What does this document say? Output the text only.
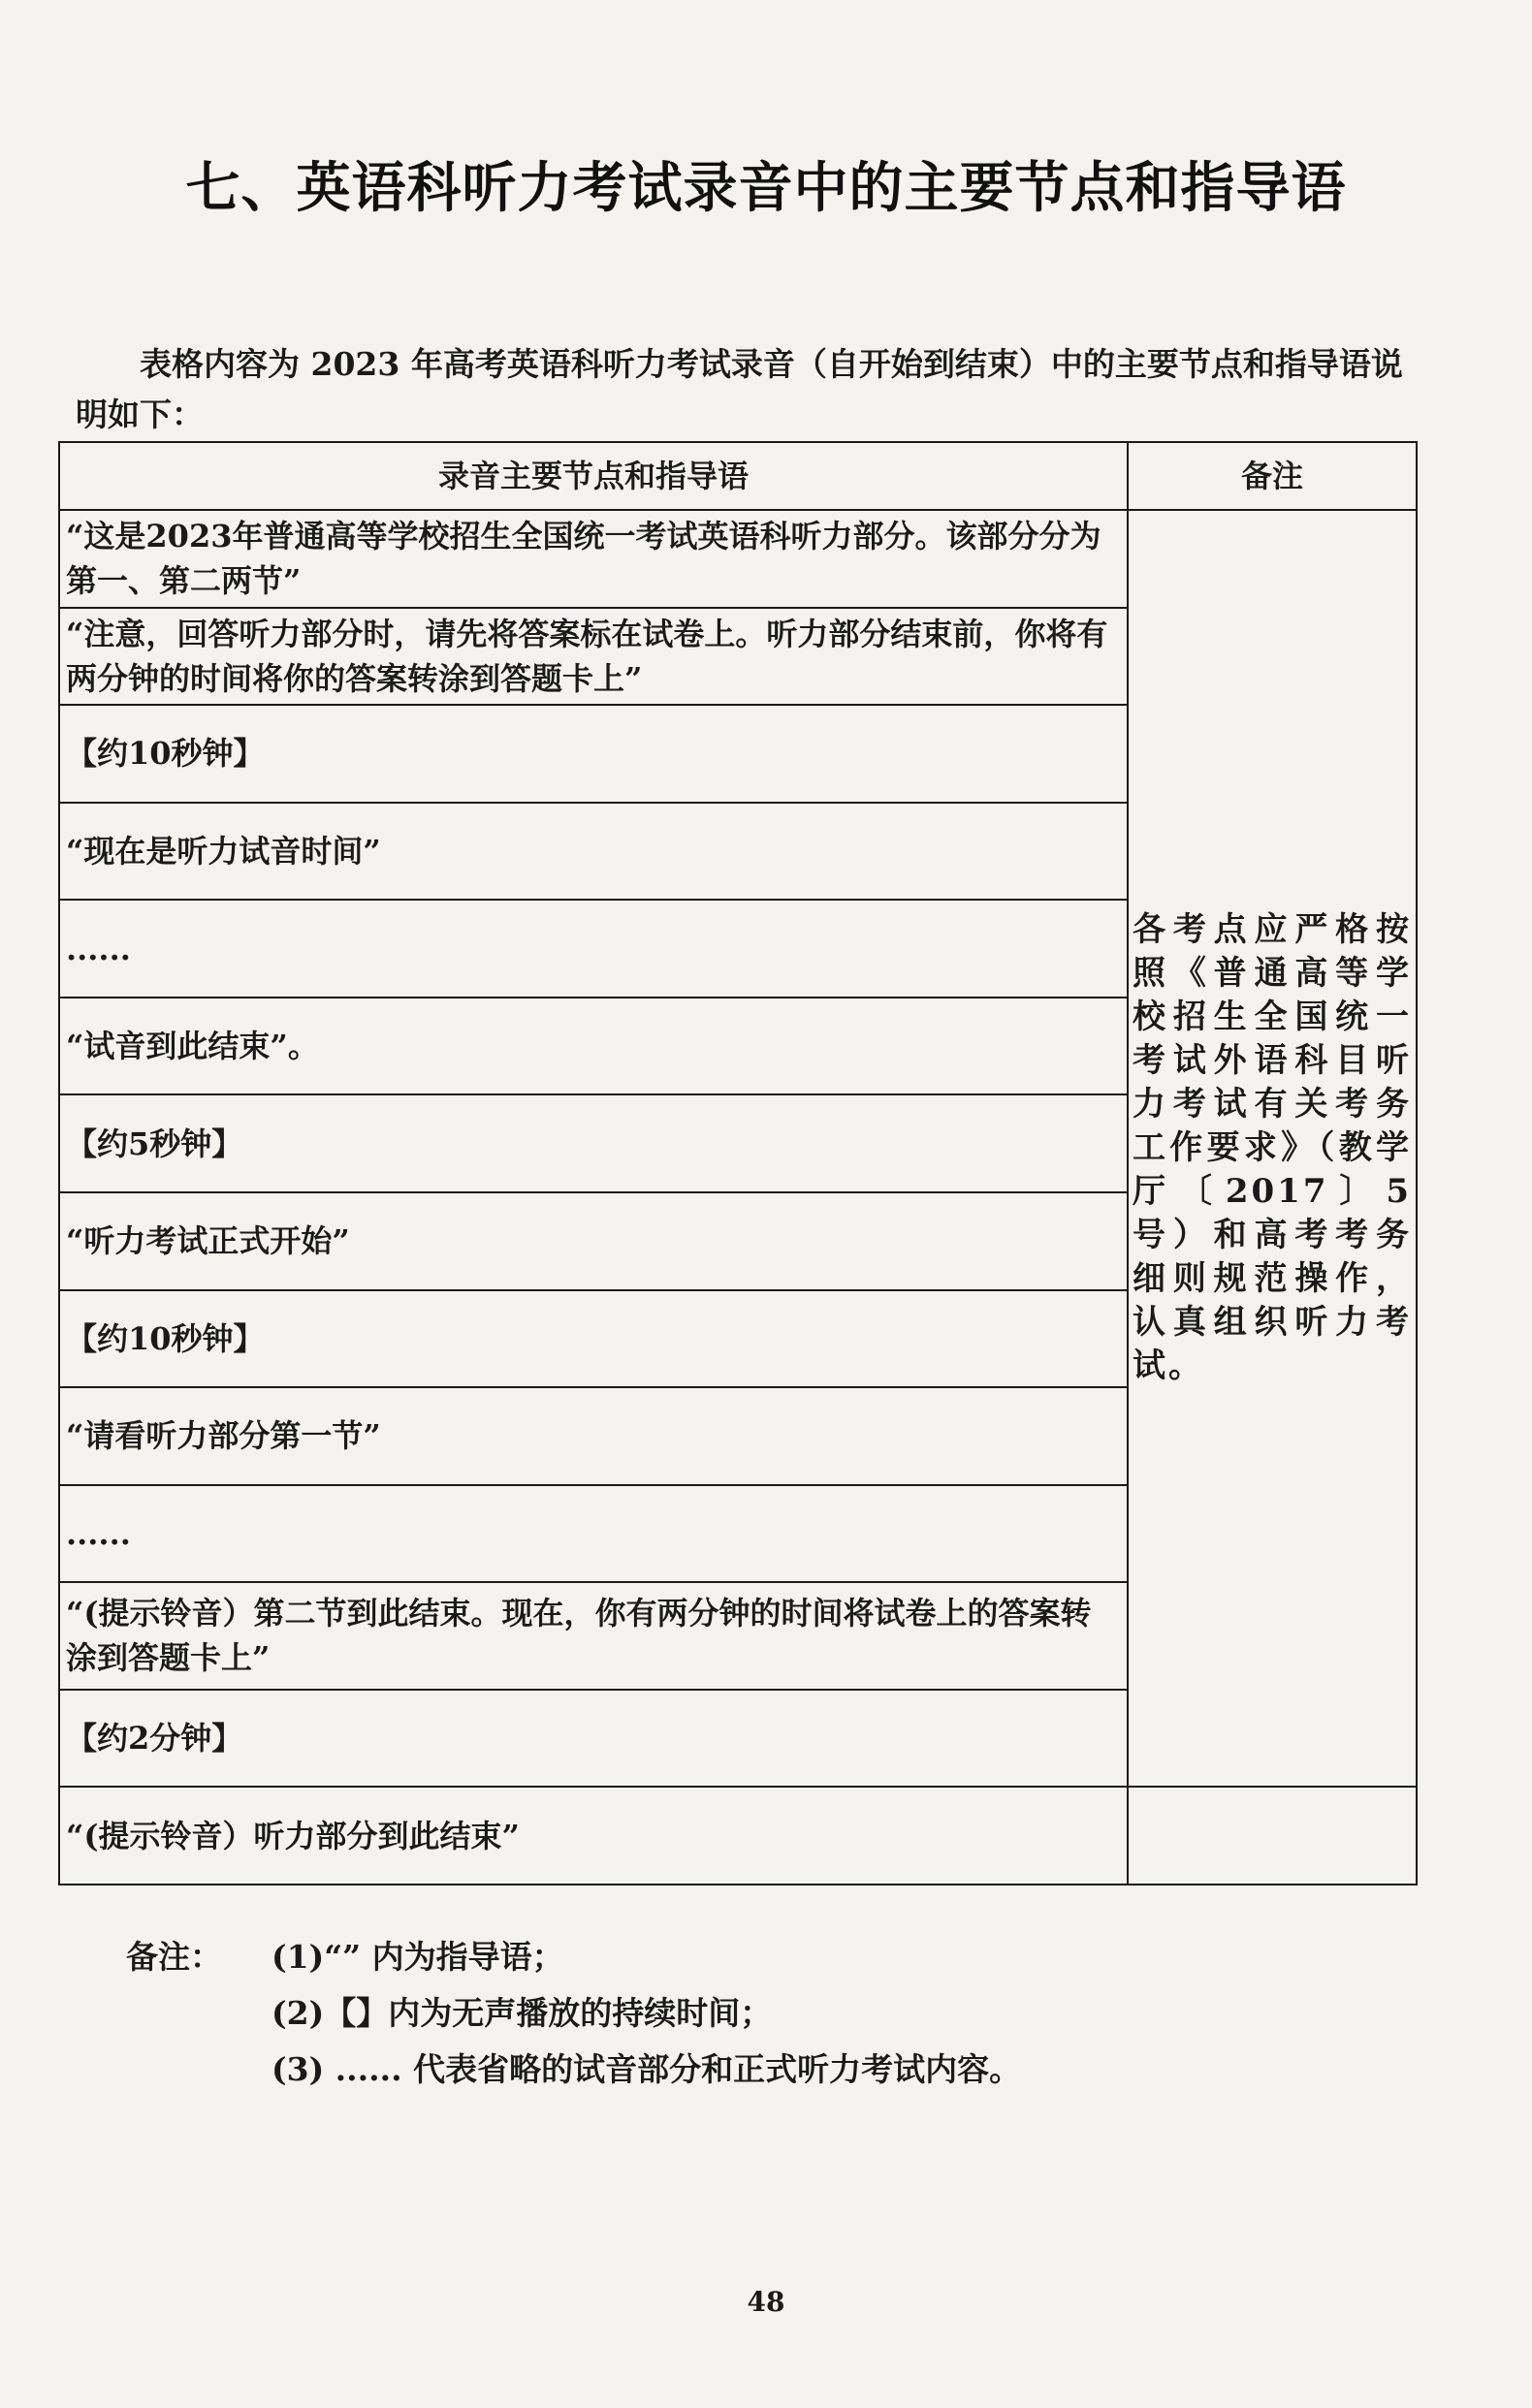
七、英语科听力考试录音中的主要节点和指导语
表格内容为 2023 年高考英语科听力考试录音（自开始到结束）中的主要节点和指导语说明如下：
录音主要节点和指导语	备注
“这是2023年普通高等学校招生全国统一考试英语科听力部分。该部分分为第一、第二两节”	各考点应严格按照《普通高等学校招生全国统一考试外语科目听力考试有关考务工作要求》（教学厅〔2017〕5号）和高考考务细则规范操作，认真组织听力考试。
“注意，回答听力部分时，请先将答案标在试卷上。听力部分结束前，你将有两分钟的时间将你的答案转涂到答题卡上”	
【约10秒钟】	
“现在是听力试音时间”	
......	
“试音到此结束”。	
【约5秒钟】	
“听力考试正式开始”	
【约10秒钟】	
“请看听力部分第一节”	
......	
“(提示铃音）第二节到此结束。现在，你有两分钟的时间将试卷上的答案转涂到答题卡上”	
【约2分钟】	
“(提示铃音）听力部分到此结束”	
备注：	(1)“” 内为指导语；
(2)【】内为无声播放的持续时间；
(3) ...... 代表省略的试音部分和正式听力考试内容。
48
